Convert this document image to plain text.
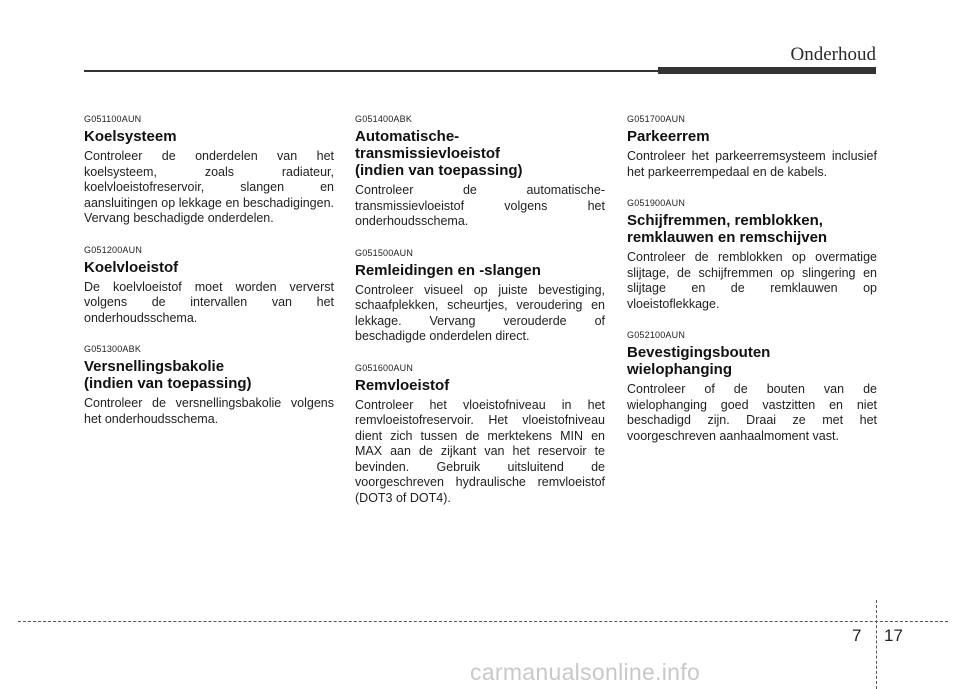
Onderhoud
G051100AUN
Koelsysteem
Controleer de onderdelen van het koelsysteem, zoals radiateur, koelvloeistofreservoir, slangen en aansluitingen op lekkage en beschadigingen. Vervang beschadigde onderdelen.
G051200AUN
Koelvloeistof
De koelvloeistof moet worden ververst volgens de intervallen van het onderhoudsschema.
G051300ABK
Versnellingsbakolie
(indien van toepassing)
Controleer de versnellingsbakolie volgens het onderhoudsschema.
G051400ABK
Automatische-
transmissievloeistof
(indien van toepassing)
Controleer de automatische-transmissievloeistof volgens het onderhoudsschema.
G051500AUN
Remleidingen en -slangen
Controleer visueel op juiste bevestiging, schaafplekken, scheurtjes, veroudering en lekkage. Vervang verouderde of beschadigde onderdelen direct.
G051600AUN
Remvloeistof
Controleer het vloeistofniveau in het remvloeistofreservoir. Het vloeistofniveau dient zich tussen de merktekens MIN en MAX aan de zijkant van het reservoir te bevinden. Gebruik uitsluitend de voorgeschreven hydraulische remvloeistof (DOT3 of DOT4).
G051700AUN
Parkeerrem
Controleer het parkeerremsysteem inclusief het parkeerrempedaal en de kabels.
G051900AUN
Schijfremmen, remblokken,
remklauwen en remschijven
Controleer de remblokken op overmatige slijtage, de schijfremmen op slingering en slijtage en de remklauwen op vloeistoflekkage.
G052100AUN
Bevestigingsbouten
wielophanging
Controleer of de bouten van de wielophanging goed vastzitten en niet beschadigd zijn. Draai ze met het voorgeschreven aanhaalmoment vast.
7 17
carmanualsonline.info
